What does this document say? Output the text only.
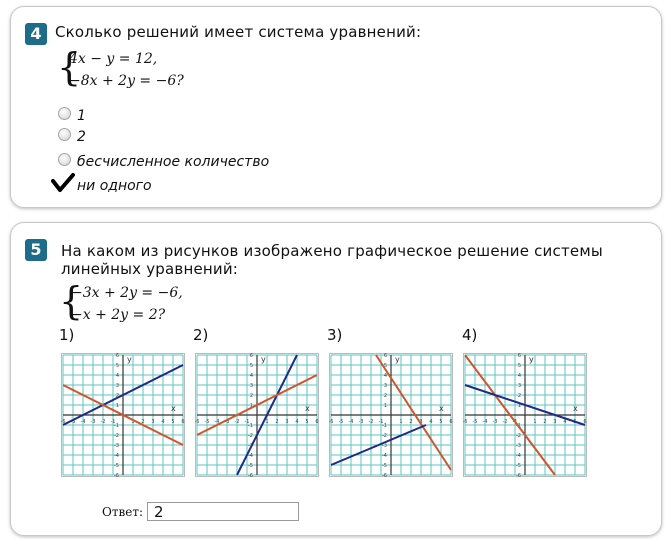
4 Сколько решений имеет система уравнений:
{
4x − y = 12,
−8x + 2y = −6?
1
2
бесчисленное количество
ни одного
5	На каком из рисунков изображено графическое решение системы
линейных уравнений:
{
−3x + 2y = −6,
−x + 2y = 2?
1)	2)	3)	4)
-6 -5 -4 -3 -2 -1	1 2 3 4 5 6
6
5
4
3
2
1
-1
-2
-3
-4
-5
-6
x
y
-6 -5 -4 -3 -2 -1	1 2 3 4 5 6
6
5
4
3
2
1
-1
-2
-3
-4
-5
-6
x
y
-6 -5 -4 -3 -2 -1	1 2 3 4 5 6
6
5
4
3
2
1
-1
-2
-3
-4
-5
-6
x
y
-6 -5 -4 -3 -2 -1	1 2 3 4 5 6
6
5
4
3
2
1
-1
-2
-3
-4
-5
-6
x
y
Ответ: 2
